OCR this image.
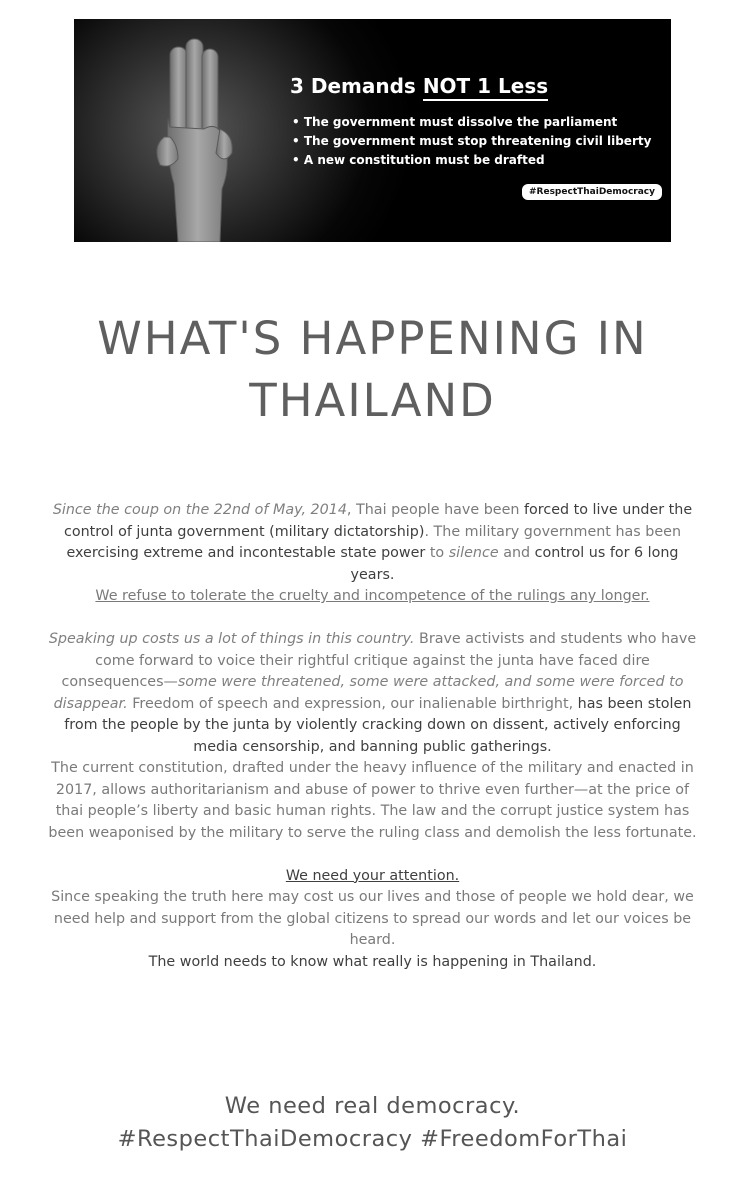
3 Demands NOT 1 Less
• The government must dissolve the parliament
• The government must stop threatening civil liberty
• A new constitution must be drafted
#RespectThaiDemocracy
WHAT'S HAPPENING IN THAILAND

Since the coup on the 22nd of May, 2014, Thai people have been forced to live under the control of junta government (military dictatorship). The military government has been exercising extreme and incontestable state power to silence and control us for 6 long years.

We refuse to tolerate the cruelty and incompetence of the rulings any longer.

Speaking up costs us a lot of things in this country. Brave activists and students who have come forward to voice their rightful critique against the junta have faced dire consequences—some were threatened, some were attacked, and some were forced to disappear. Freedom of speech and expression, our inalienable birthright, has been stolen from the people by the junta by violently cracking down on dissent, actively enforcing media censorship, and banning public gatherings.

The current constitution, drafted under the heavy influence of the military and enacted in 2017, allows authoritarianism and abuse of power to thrive even further—at the price of thai people’s liberty and basic human rights. The law and the corrupt justice system has been weaponised by the military to serve the ruling class and demolish the less fortunate.

We need your attention.

Since speaking the truth here may cost us our lives and those of people we hold dear, we need help and support from the global citizens to spread our words and let our voices be heard.

The world needs to know what really is happening in Thailand.

We need real democracy.

#RespectThaiDemocracy #FreedomForThai
